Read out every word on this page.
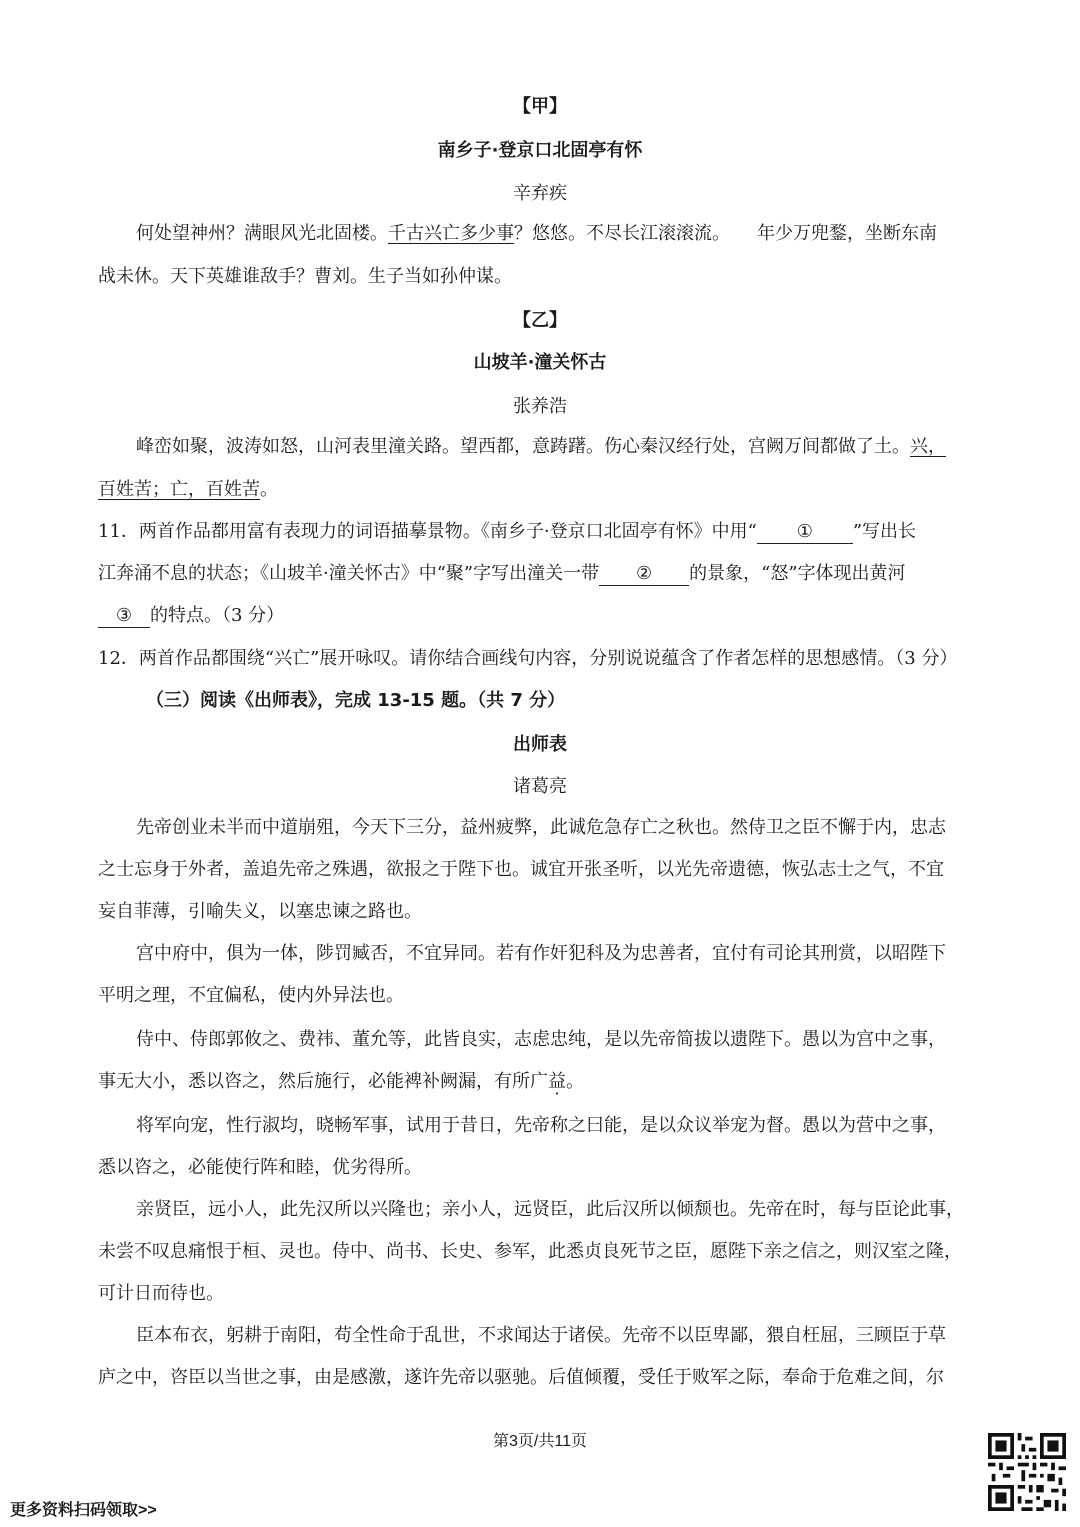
【甲】
南乡子·登京口北固亭有怀
辛弃疾
何处望神州？满眼风光北固楼。千古兴亡多少事？悠悠。不尽长江滚滚流。　　年少万兜鍪，坐断东南
战未休。天下英雄谁敌手？曹刘。生子当如孙仲谋。
【乙】
山坡羊·潼关怀古
张养浩
峰峦如聚，波涛如怒，山河表里潼关路。望西都，意踌躇。伤心秦汉经行处，宫阙万间都做了土。兴，
百姓苦；亡，百姓苦。
11．两首作品都用富有表现力的词语描摹景物。《南乡子·登京口北固亭有怀》中用“ ① ”写出长
江奔涌不息的状态；《山坡羊·潼关怀古》中“聚”字写出潼关一带 ② 的景象，“怒”字体现出黄河
③ 的特点。（3 分）
12．两首作品都围绕“兴亡”展开咏叹。请你结合画线句内容，分别说说蕴含了作者怎样的思想感情。（3 分）
（三）阅读《出师表》，完成 13-15 题。（共 7 分）
出师表
诸葛亮
先帝创业未半而中道崩殂，今天下三分，益州疲弊，此诚危急存亡之秋也。然侍卫之臣不懈于内，忠志
之士忘身于外者，盖追先帝之殊遇，欲报之于陛下也。诚宜开张圣听，以光先帝遗德，恢弘志士之气，不宜
妄自菲薄，引喻失义，以塞忠谏之路也。
宫中府中，俱为一体，陟罚臧否，不宜异同。若有作奸犯科及为忠善者，宜付有司论其刑赏，以昭陛下
平明之理，不宜偏私，使内外异法也。
侍中、侍郎郭攸之、费祎、董允等，此皆良实，志虑忠纯，是以先帝简拔以遗陛下。愚以为宫中之事，
事无大小，悉以咨之，然后施行，必能裨补阙漏，有所广益。
将军向宠，性行淑均，晓畅军事，试用于昔日，先帝称之曰能，是以众议举宠为督。愚以为营中之事，
悉以咨之，必能使行阵和睦，优劣得所。
亲贤臣，远小人，此先汉所以兴隆也；亲小人，远贤臣，此后汉所以倾颓也。先帝在时，每与臣论此事，
未尝不叹息痛恨于桓、灵也。侍中、尚书、长史、参军，此悉贞良死节之臣，愿陛下亲之信之，则汉室之隆，
可计日而待也。
臣本布衣，躬耕于南阳，苟全性命于乱世，不求闻达于诸侯。先帝不以臣卑鄙，猥自枉屈，三顾臣于草
庐之中，咨臣以当世之事，由是感激，遂许先帝以驱驰。后值倾覆，受任于败军之际，奉命于危难之间，尔
第3页/共11页
更多资料扫码领取>>
